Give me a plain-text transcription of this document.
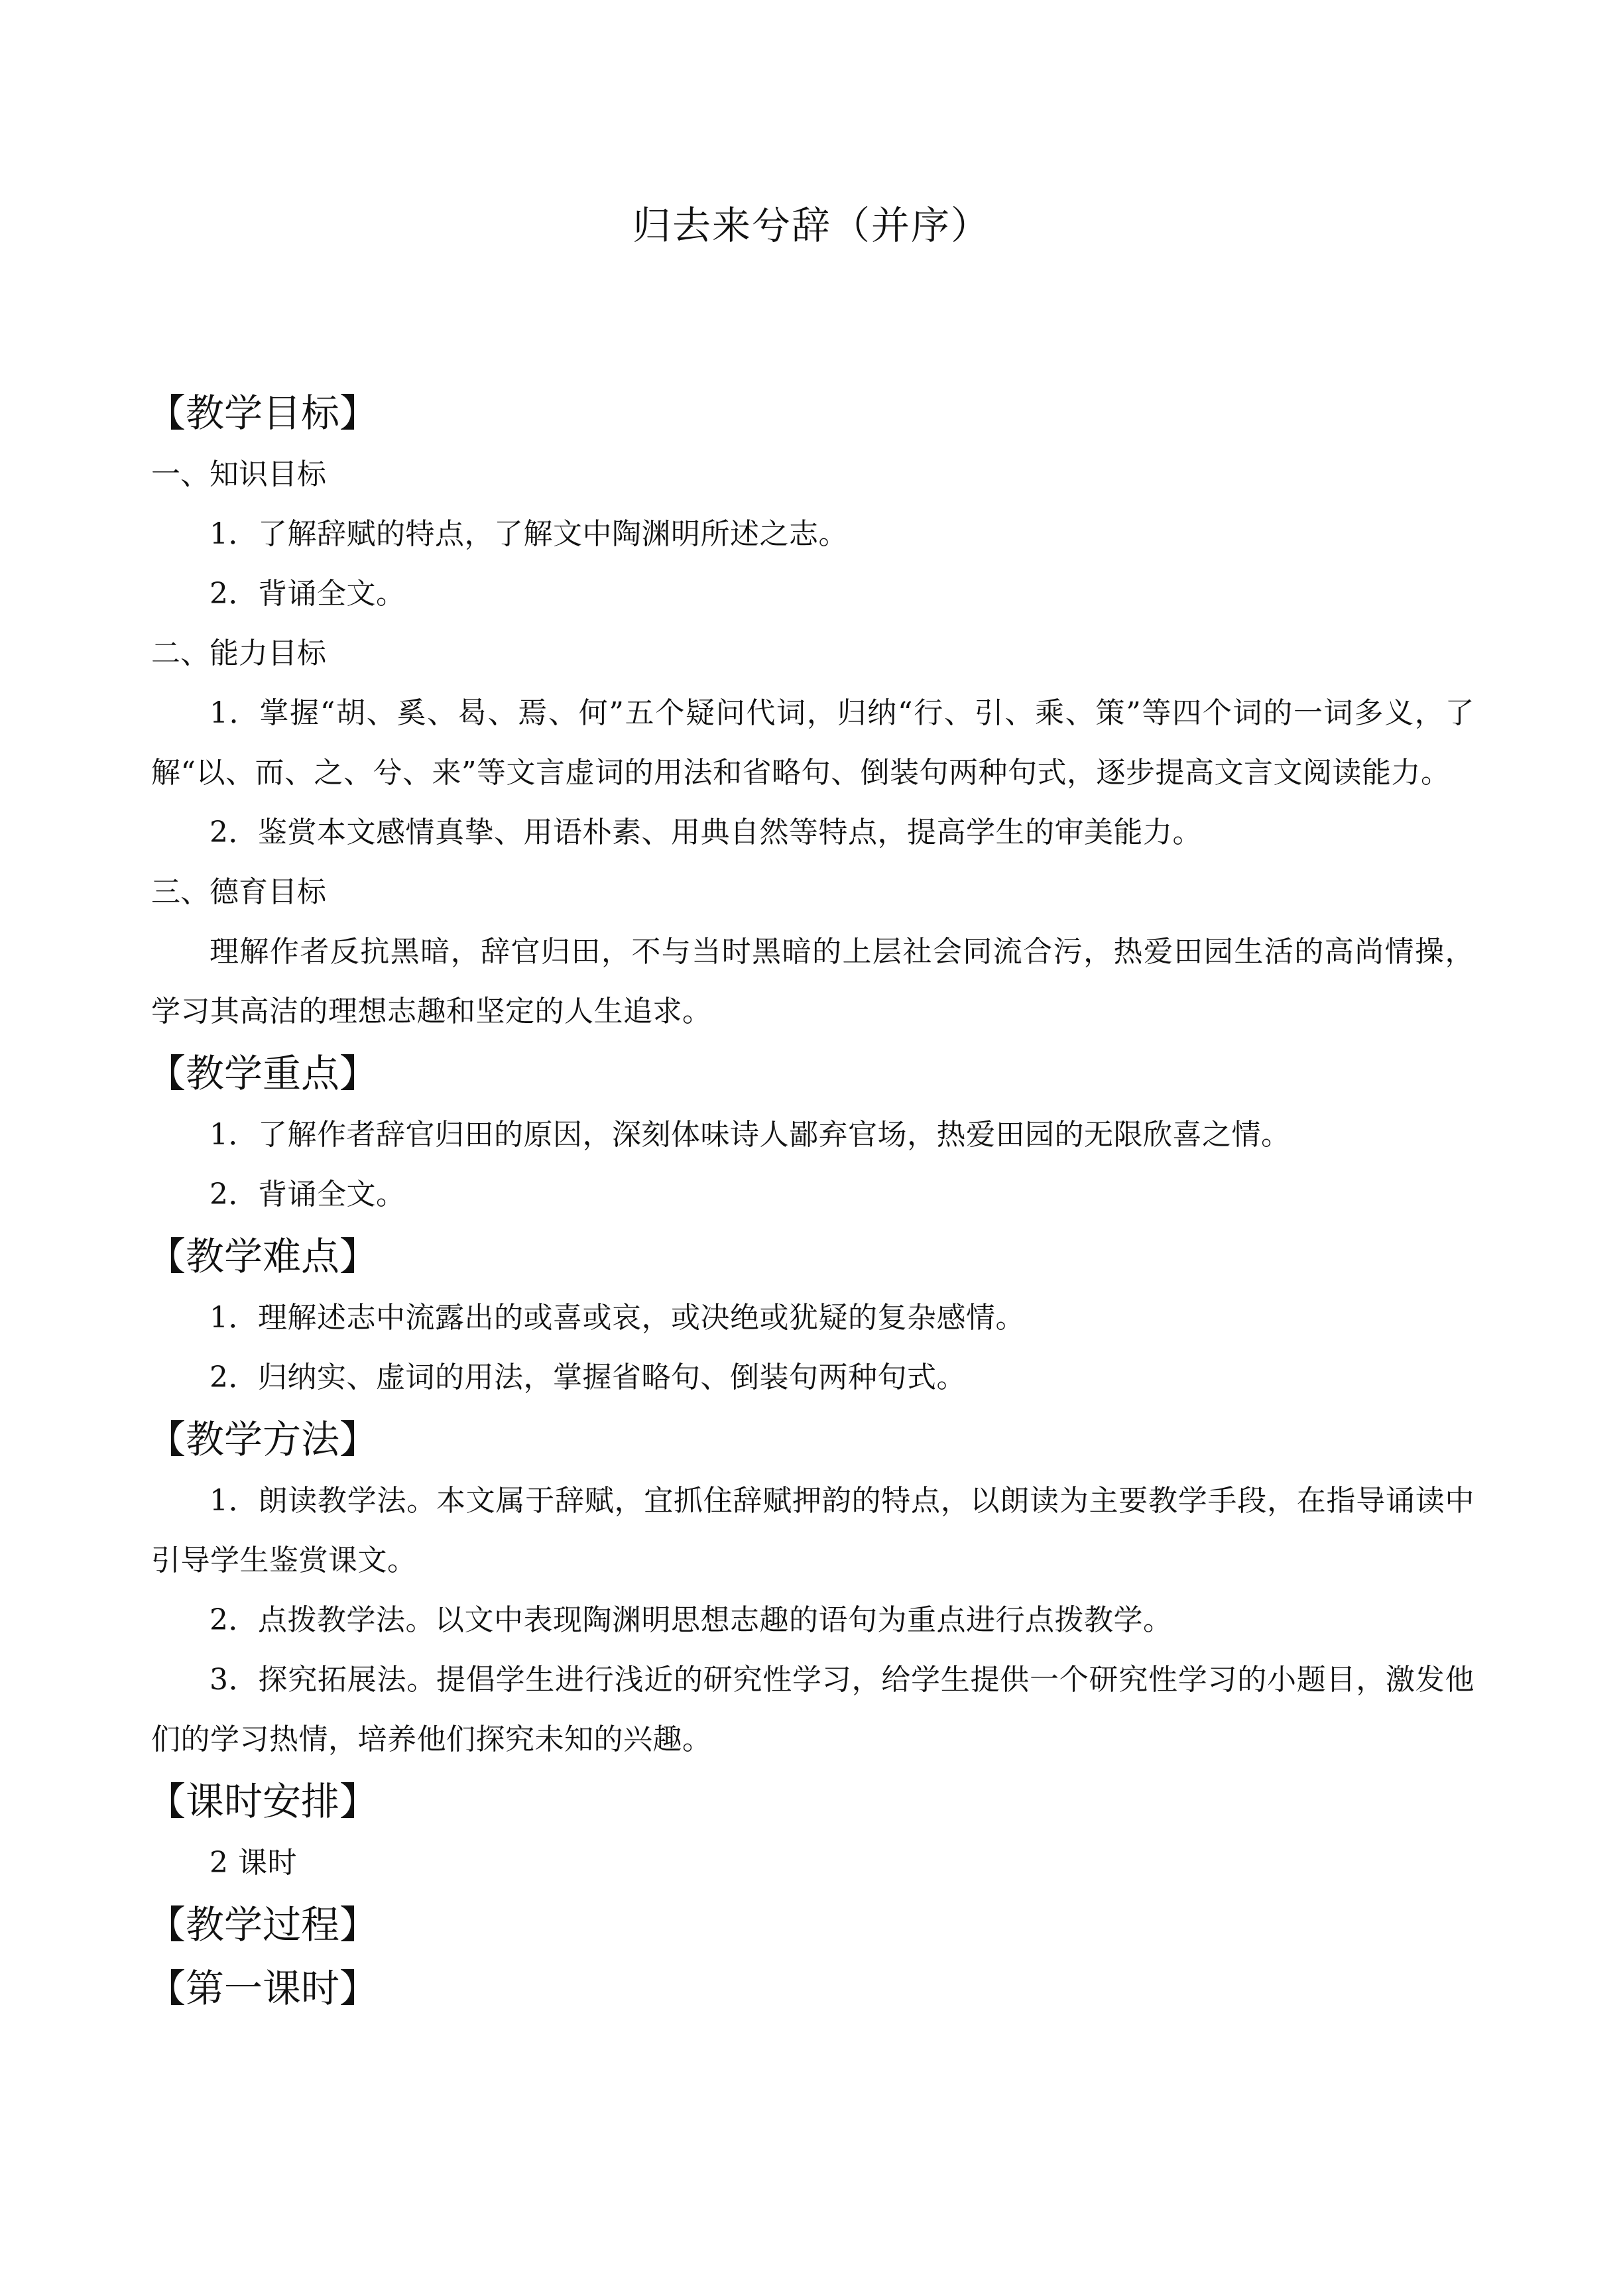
归去来兮辞（并序）
【教学目标】
一、知识目标
1．了解辞赋的特点，了解文中陶渊明所述之志。
2．背诵全文。
二、能力目标
1．掌握“胡、奚、曷、焉、何”五个疑问代词，归纳“行、引、乘、策”等四个词的一词多义，了解“以、而、之、兮、来”等文言虚词的用法和省略句、倒装句两种句式，逐步提高文言文阅读能力。
2．鉴赏本文感情真挚、用语朴素、用典自然等特点，提高学生的审美能力。
三、德育目标
理解作者反抗黑暗，辞官归田，不与当时黑暗的上层社会同流合污，热爱田园生活的高尚情操，学习其高洁的理想志趣和坚定的人生追求。
【教学重点】
1．了解作者辞官归田的原因，深刻体味诗人鄙弃官场，热爱田园的无限欣喜之情。
2．背诵全文。
【教学难点】
1．理解述志中流露出的或喜或哀，或决绝或犹疑的复杂感情。
2．归纳实、虚词的用法，掌握省略句、倒装句两种句式。
【教学方法】
1．朗读教学法。本文属于辞赋，宜抓住辞赋押韵的特点，以朗读为主要教学手段，在指导诵读中引导学生鉴赏课文。
2．点拨教学法。以文中表现陶渊明思想志趣的语句为重点进行点拨教学。
3．探究拓展法。提倡学生进行浅近的研究性学习，给学生提供一个研究性学习的小题目，激发他们的学习热情，培养他们探究未知的兴趣。
【课时安排】
2 课时
【教学过程】
【第一课时】
